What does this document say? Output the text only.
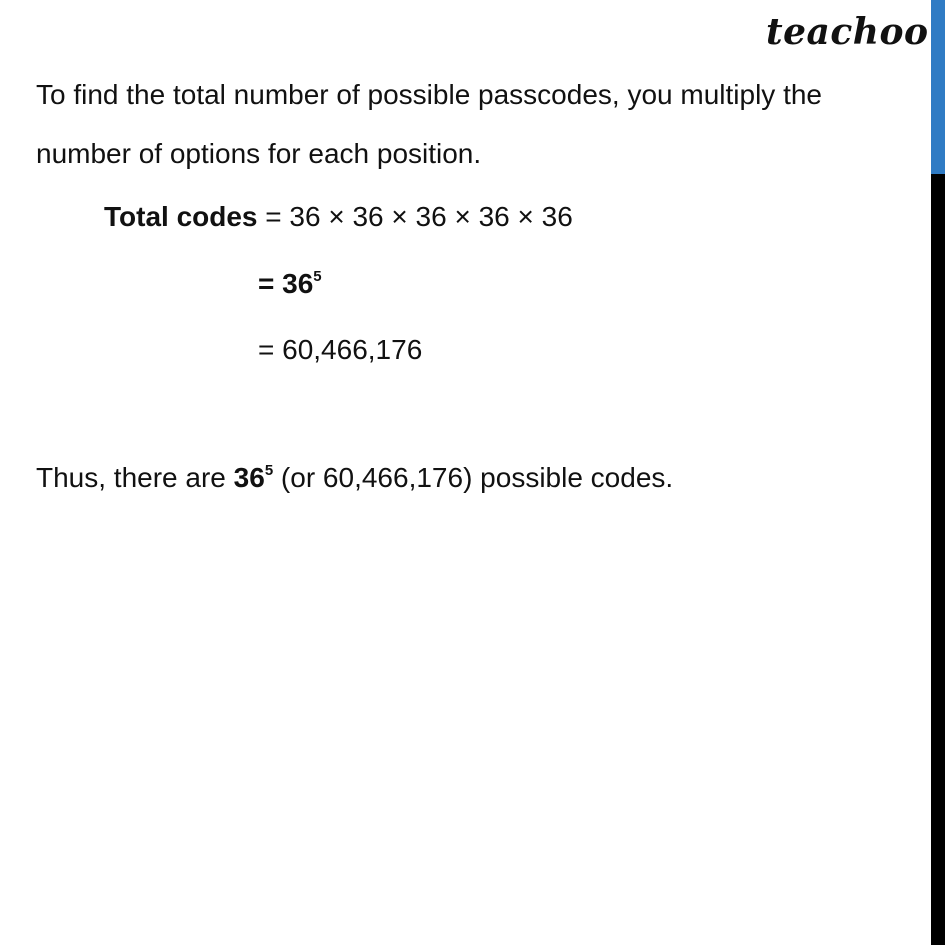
teachoo
To find the total number of possible passcodes, you multiply the
number of options for each position.
Total codes = 36 × 36 × 36 × 36 × 36
= $36^5$
= 60,466,176
Thus, there are $36^5$ (or 60,466,176) possible codes.
